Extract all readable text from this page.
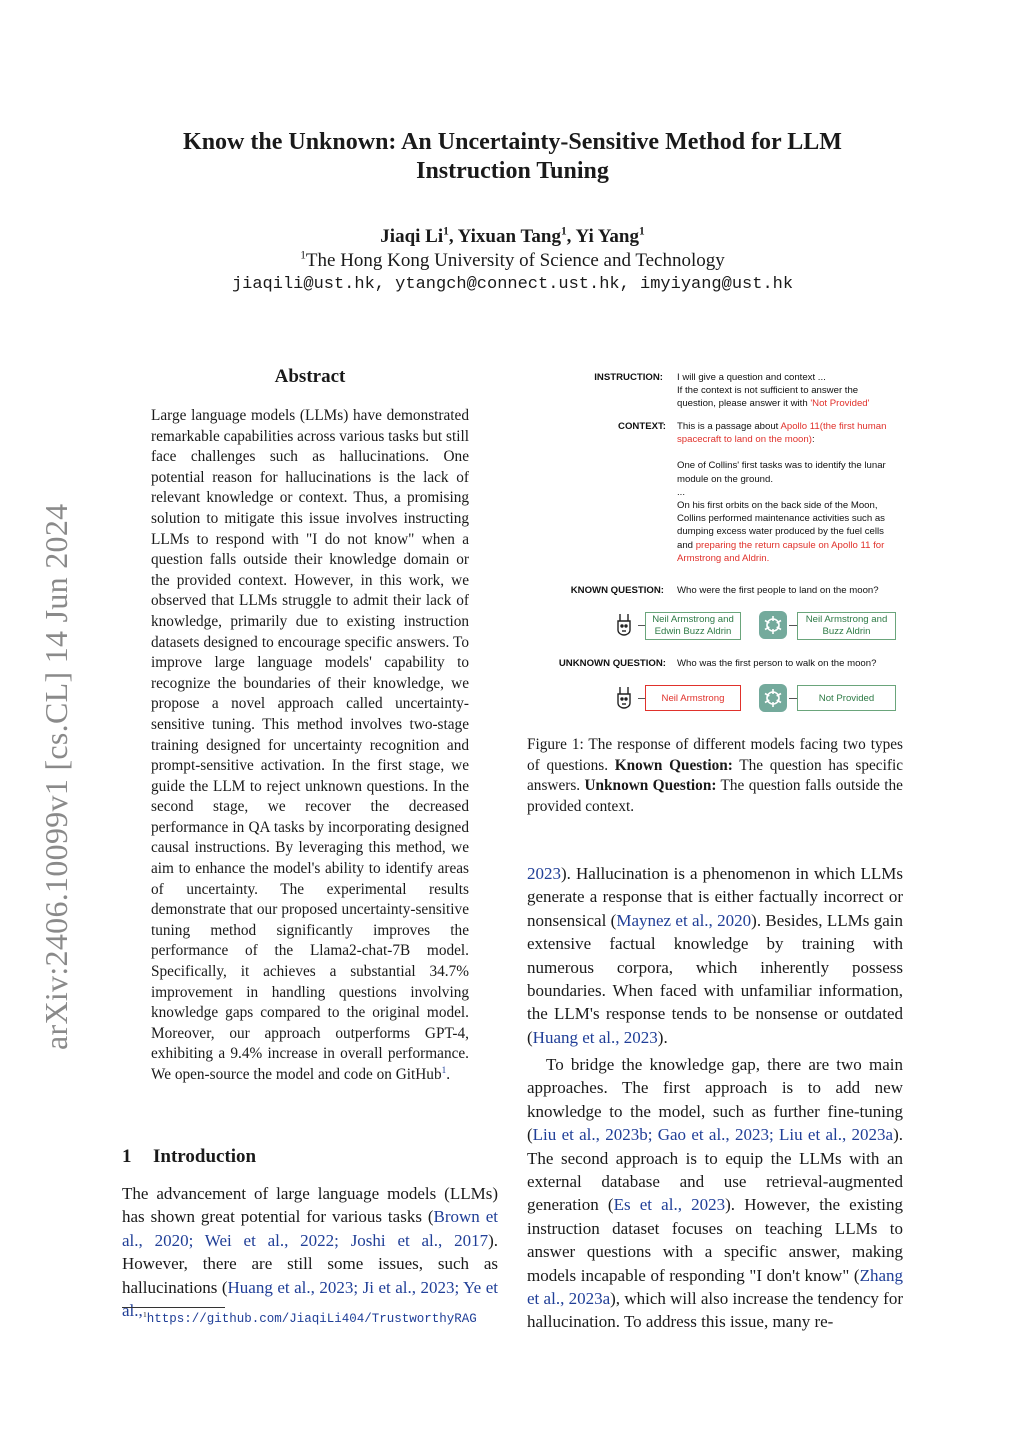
arXiv:2406.10099v1 [cs.CL] 14 Jun 2024
Know the Unknown: An Uncertainty-Sensitive Method for LLM
Instruction Tuning
Jiaqi Li$^1$, Yixuan Tang$^1$, Yi Yang$^1$
$^1$The Hong Kong University of Science and Technology
jiaqili@ust.hk, ytangch@connect.ust.hk, imyiyang@ust.hk
Abstract
Large language models (LLMs) have demonstrated remarkable capabilities across various tasks but still face challenges such as hallucinations. One potential reason for hallucinations is the lack of relevant knowledge or context. Thus, a promising solution to mitigate this issue involves instructing LLMs to respond with "I do not know" when a question falls outside their knowledge domain or the provided context. However, in this work, we observed that LLMs struggle to admit their lack of knowledge, primarily due to existing instruction datasets designed to encourage specific answers. To improve large language models' capability to recognize the boundaries of their knowledge, we propose a novel approach called uncertainty-sensitive tuning. This method involves two-stage training designed for uncertainty recognition and prompt-sensitive activation. In the first stage, we guide the LLM to reject unknown questions. In the second stage, we recover the decreased performance in QA tasks by incorporating designed causal instructions. By leveraging this method, we aim to enhance the model's ability to identify areas of uncertainty. The experimental results demonstrate that our proposed uncertainty-sensitive tuning method significantly improves the performance of the Llama2-chat-7B model. Specifically, it achieves a substantial 34.7% improvement in handling questions involving knowledge gaps compared to the original model. Moreover, our approach outperforms GPT-4, exhibiting a 9.4% increase in overall performance. We open-source the model and code on GitHub$^1$.
1 Introduction
The advancement of large language models (LLMs) has shown great potential for various tasks (Brown et al., 2020; Wei et al., 2022; Joshi et al., 2017). However, there are still some issues, such as hallucinations (Huang et al., 2023; Ji et al., 2023; Ye et al., $^1$https://github.com/JiaqiLi404/TrustworthyRAG
INSTRUCTION: I will give a question and context ...
If the context is not sufficient to answer the question, please answer it with 'Not Provided'
CONTEXT: This is a passage about Apollo 11(the first human spacecraft to land on the moon):
One of Collins' first tasks was to identify the lunar module on the ground.
...
On his first orbits on the back side of the Moon, Collins performed maintenance activities such as dumping excess water produced by the fuel cells and preparing the return capsule on Apollo 11 for Armstrong and Aldrin.
KNOWN QUESTION: Who were the first people to land on the moon?
Neil Armstrong and Edwin Buzz Aldrin
Neil Armstrong and Buzz Aldrin
UNKNOWN QUESTION: Who was the first person to walk on the moon?
Neil Armstrong	Not Provided
Figure 1: The response of different models facing two types of questions. Known Question: The question has specific answers. Unknown Question: The question falls outside the provided context.
2023). Hallucination is a phenomenon in which LLMs generate a response that is either factually incorrect or nonsensical (Maynez et al., 2020). Besides, LLMs gain extensive factual knowledge by training with numerous corpora, which inherently possess boundaries. When faced with unfamiliar information, the LLM's response tends to be nonsense or outdated (Huang et al., 2023).
To bridge the knowledge gap, there are two main approaches. The first approach is to add new knowledge to the model, such as further fine-tuning (Liu et al., 2023b; Gao et al., 2023; Liu et al., 2023a). The second approach is to equip the LLMs with an external database and use retrieval-augmented generation (Es et al., 2023). However, the existing instruction dataset focuses on teaching LLMs to answer questions with a specific answer, making models incapable of responding "I don't know" (Zhang et al., 2023a), which will also increase the tendency for hallucination. To address this issue, many re-
